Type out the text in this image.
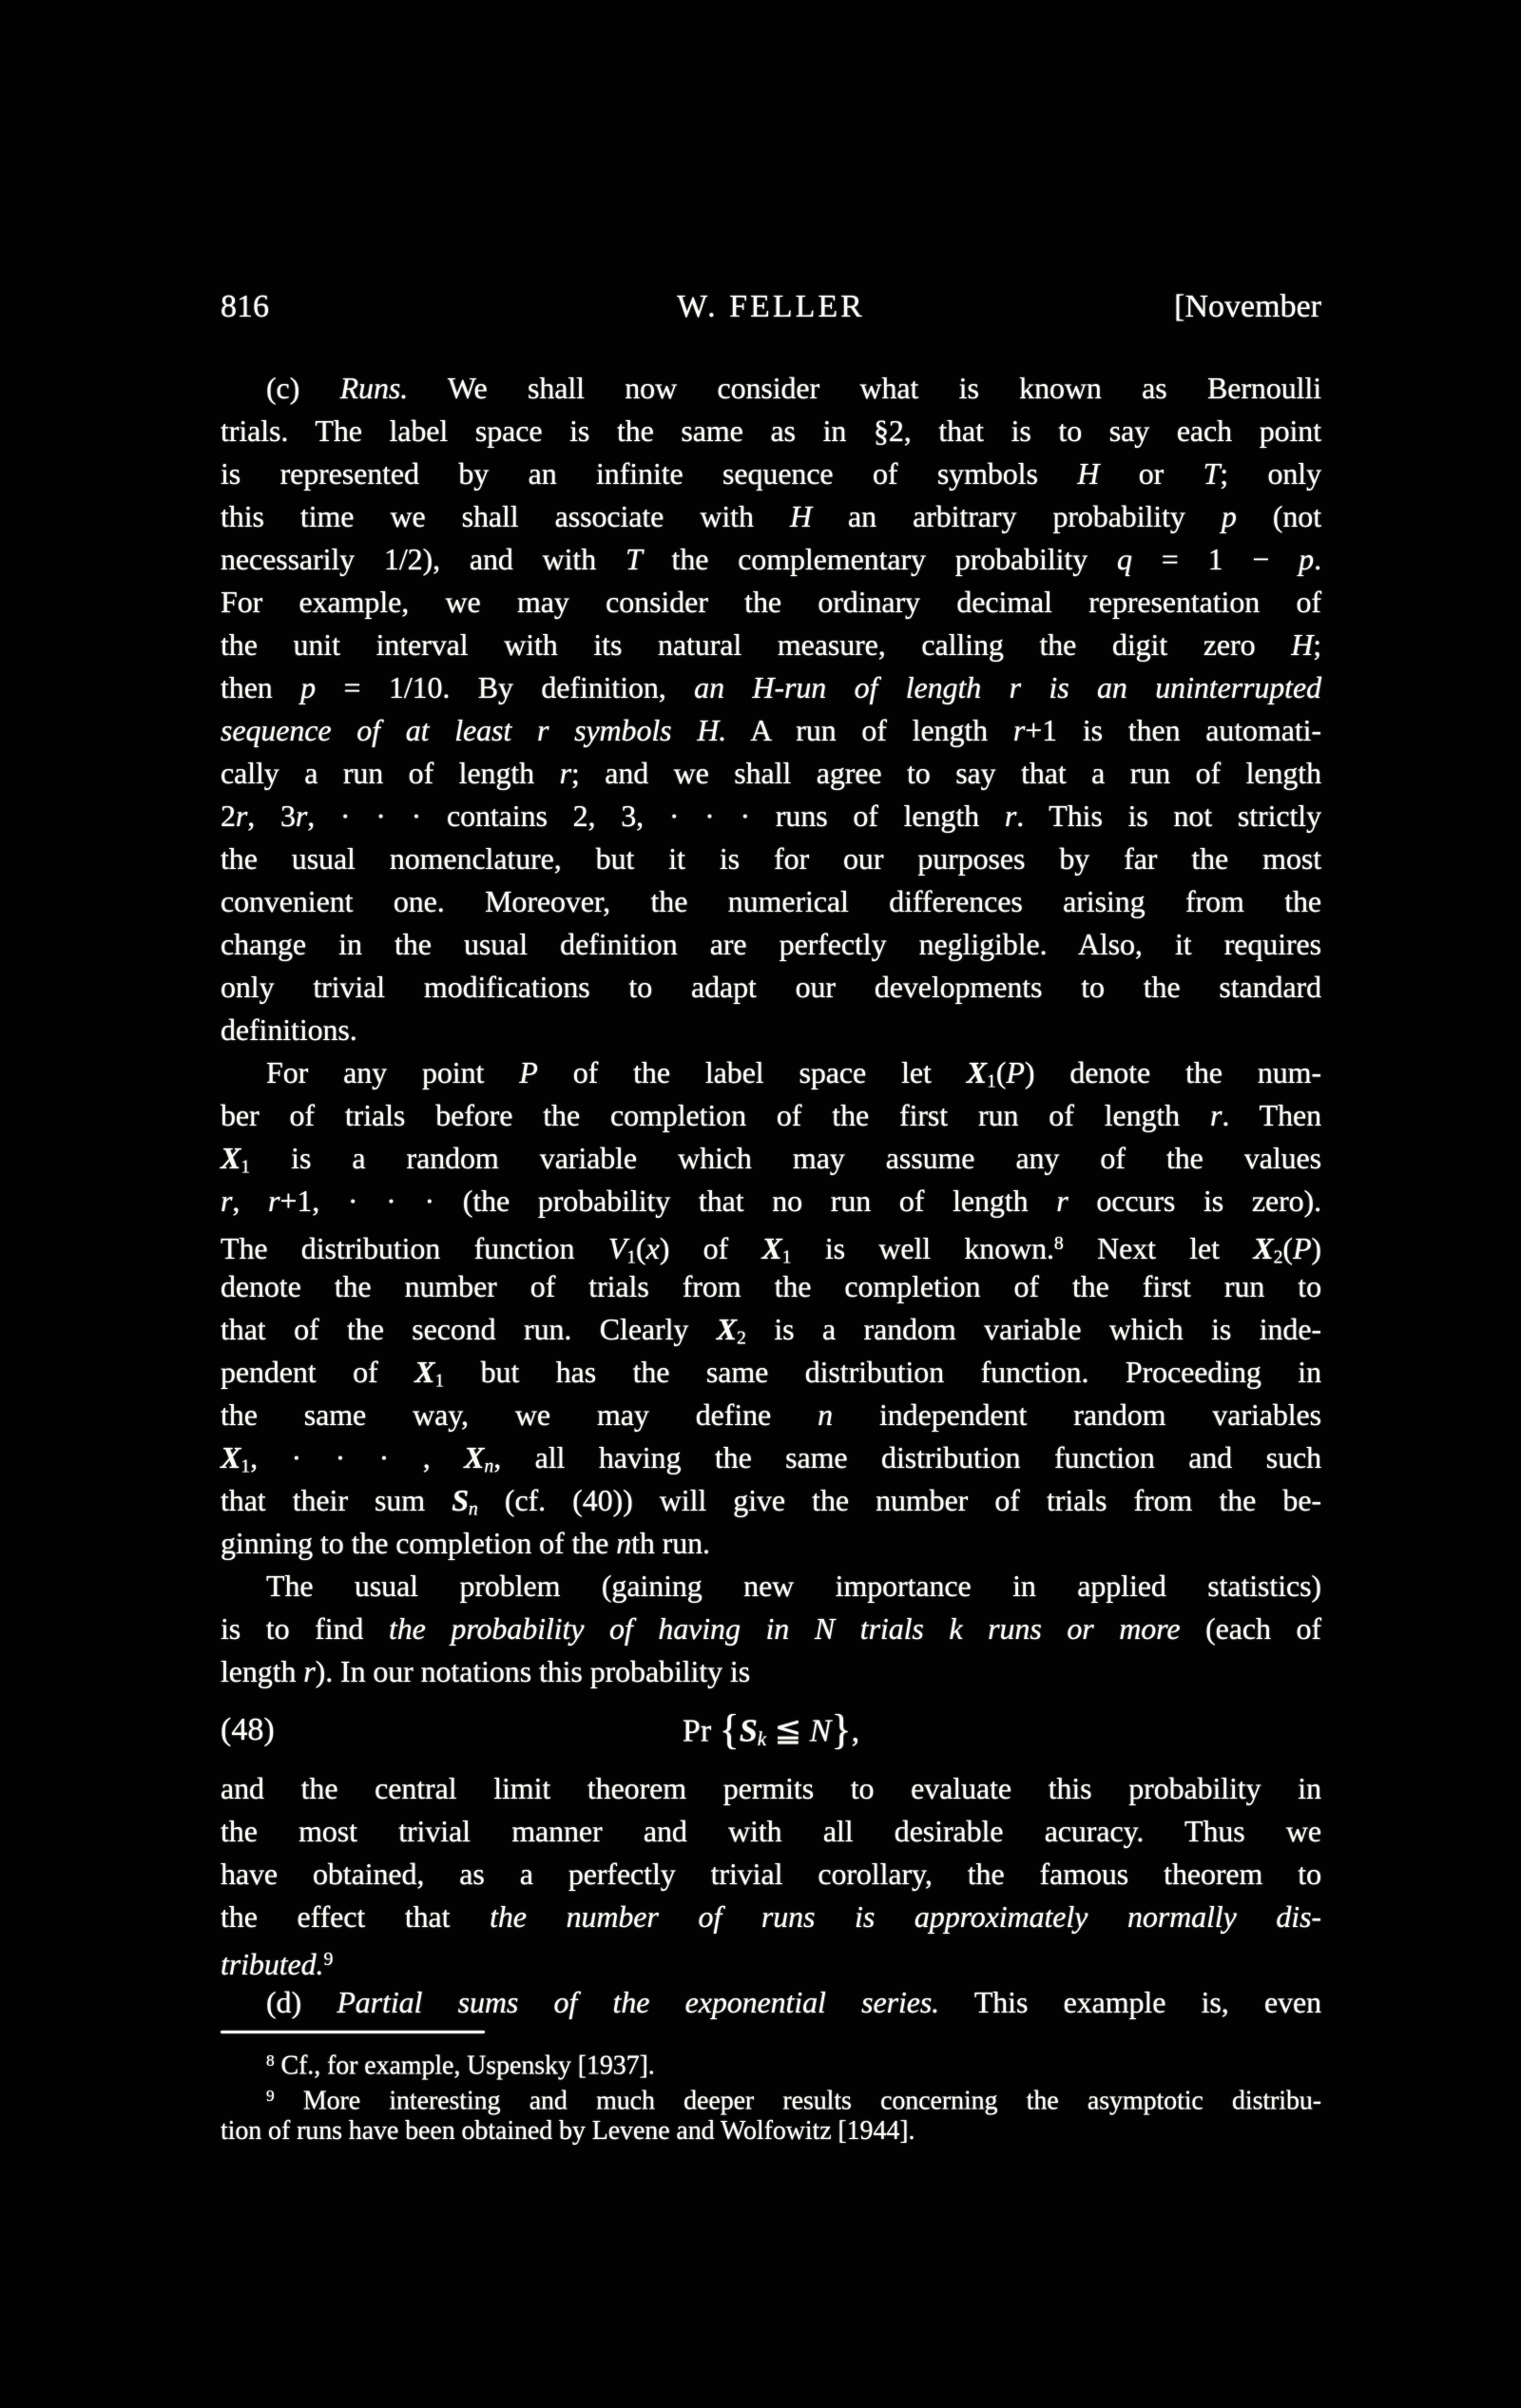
816	W. FELLER	[November
(c) Runs. We shall now consider what is known as Bernoulli
trials. The label space is the same as in §2, that is to say each point
is represented by an infinite sequence of symbols H or T; only
this time we shall associate with H an arbitrary probability p (not
necessarily 1/2), and with T the complementary probability q = 1 − p.
For example, we may consider the ordinary decimal representation of
the unit interval with its natural measure, calling the digit zero H;
then p = 1/10. By definition, an H-run of length r is an uninterrupted
sequence of at least r symbols H. A run of length r+1 is then automati-
cally a run of length r; and we shall agree to say that a run of length
2r, 3r, · · · contains 2, 3, · · · runs of length r. This is not strictly
the usual nomenclature, but it is for our purposes by far the most
convenient one. Moreover, the numerical differences arising from the
change in the usual definition are perfectly negligible. Also, it requires
only trivial modifications to adapt our developments to the standard
definitions.
For any point P of the label space let X1(P) denote the num-
ber of trials before the completion of the first run of length r. Then
X1 is a random variable which may assume any of the values
r, r+1, · · · (the probability that no run of length r occurs is zero).
The distribution function V1(x) of X1 is well known.$^8$ Next let X2(P)
denote the number of trials from the completion of the first run to
that of the second run. Clearly X2 is a random variable which is inde-
pendent of X1 but has the same distribution function. Proceeding in
the same way, we may define n independent random variables
X1, · · · , Xn, all having the same distribution function and such
that their sum Sn (cf. (40)) will give the number of trials from the be-
ginning to the completion of the nth run.
The usual problem (gaining new importance in applied statistics)
is to find the probability of having in N trials k runs or more (each of
length r). In our notations this probability is
(48)	Pr {Sk ≦ N},
and the central limit theorem permits to evaluate this probability in
the most trivial manner and with all desirable acuracy. Thus we
have obtained, as a perfectly trivial corollary, the famous theorem to
the effect that the number of runs is approximately normally dis-
tributed.$^9$
(d) Partial sums of the exponential series. This example is, even
$^8$ Cf., for example, Uspensky [1937].
$^9$ More interesting and much deeper results concerning the asymptotic distribu-
tion of runs have been obtained by Levene and Wolfowitz [1944].
